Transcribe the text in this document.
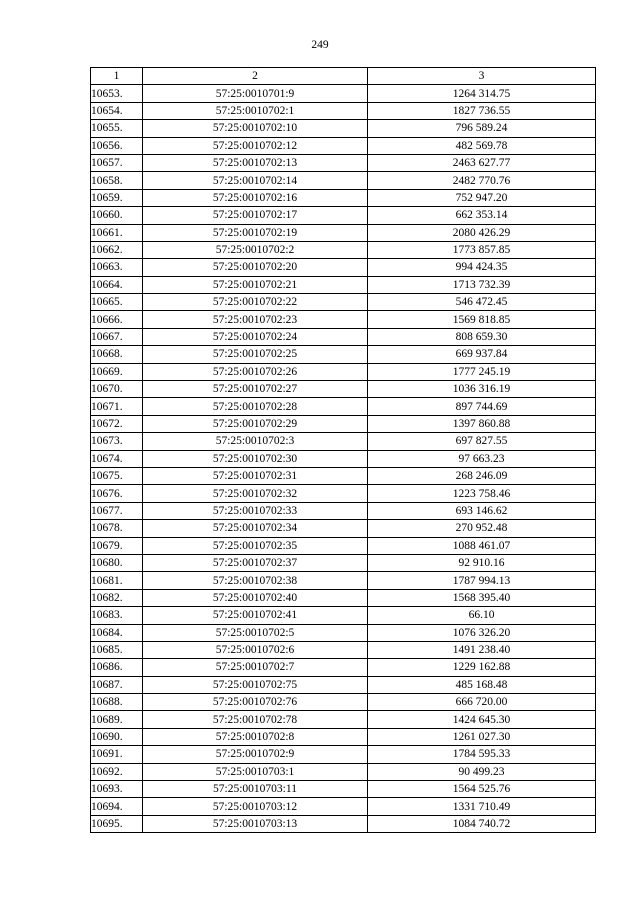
249
1	2	3
10653.	57:25:0010701:9	1264 314.75
10654.	57:25:0010702:1	1827 736.55
10655.	57:25:0010702:10	796 589.24
10656.	57:25:0010702:12	482 569.78
10657.	57:25:0010702:13	2463 627.77
10658.	57:25:0010702:14	2482 770.76
10659.	57:25:0010702:16	752 947.20
10660.	57:25:0010702:17	662 353.14
10661.	57:25:0010702:19	2080 426.29
10662.	57:25:0010702:2	1773 857.85
10663.	57:25:0010702:20	994 424.35
10664.	57:25:0010702:21	1713 732.39
10665.	57:25:0010702:22	546 472.45
10666.	57:25:0010702:23	1569 818.85
10667.	57:25:0010702:24	808 659.30
10668.	57:25:0010702:25	669 937.84
10669.	57:25:0010702:26	1777 245.19
10670.	57:25:0010702:27	1036 316.19
10671.	57:25:0010702:28	897 744.69
10672.	57:25:0010702:29	1397 860.88
10673.	57:25:0010702:3	697 827.55
10674.	57:25:0010702:30	97 663.23
10675.	57:25:0010702:31	268 246.09
10676.	57:25:0010702:32	1223 758.46
10677.	57:25:0010702:33	693 146.62
10678.	57:25:0010702:34	270 952.48
10679.	57:25:0010702:35	1088 461.07
10680.	57:25:0010702:37	92 910.16
10681.	57:25:0010702:38	1787 994.13
10682.	57:25:0010702:40	1568 395.40
10683.	57:25:0010702:41	66.10
10684.	57:25:0010702:5	1076 326.20
10685.	57:25:0010702:6	1491 238.40
10686.	57:25:0010702:7	1229 162.88
10687.	57:25:0010702:75	485 168.48
10688.	57:25:0010702:76	666 720.00
10689.	57:25:0010702:78	1424 645.30
10690.	57:25:0010702:8	1261 027.30
10691.	57:25:0010702:9	1784 595.33
10692.	57:25:0010703:1	90 499.23
10693.	57:25:0010703:11	1564 525.76
10694.	57:25:0010703:12	1331 710.49
10695.	57:25:0010703:13	1084 740.72
